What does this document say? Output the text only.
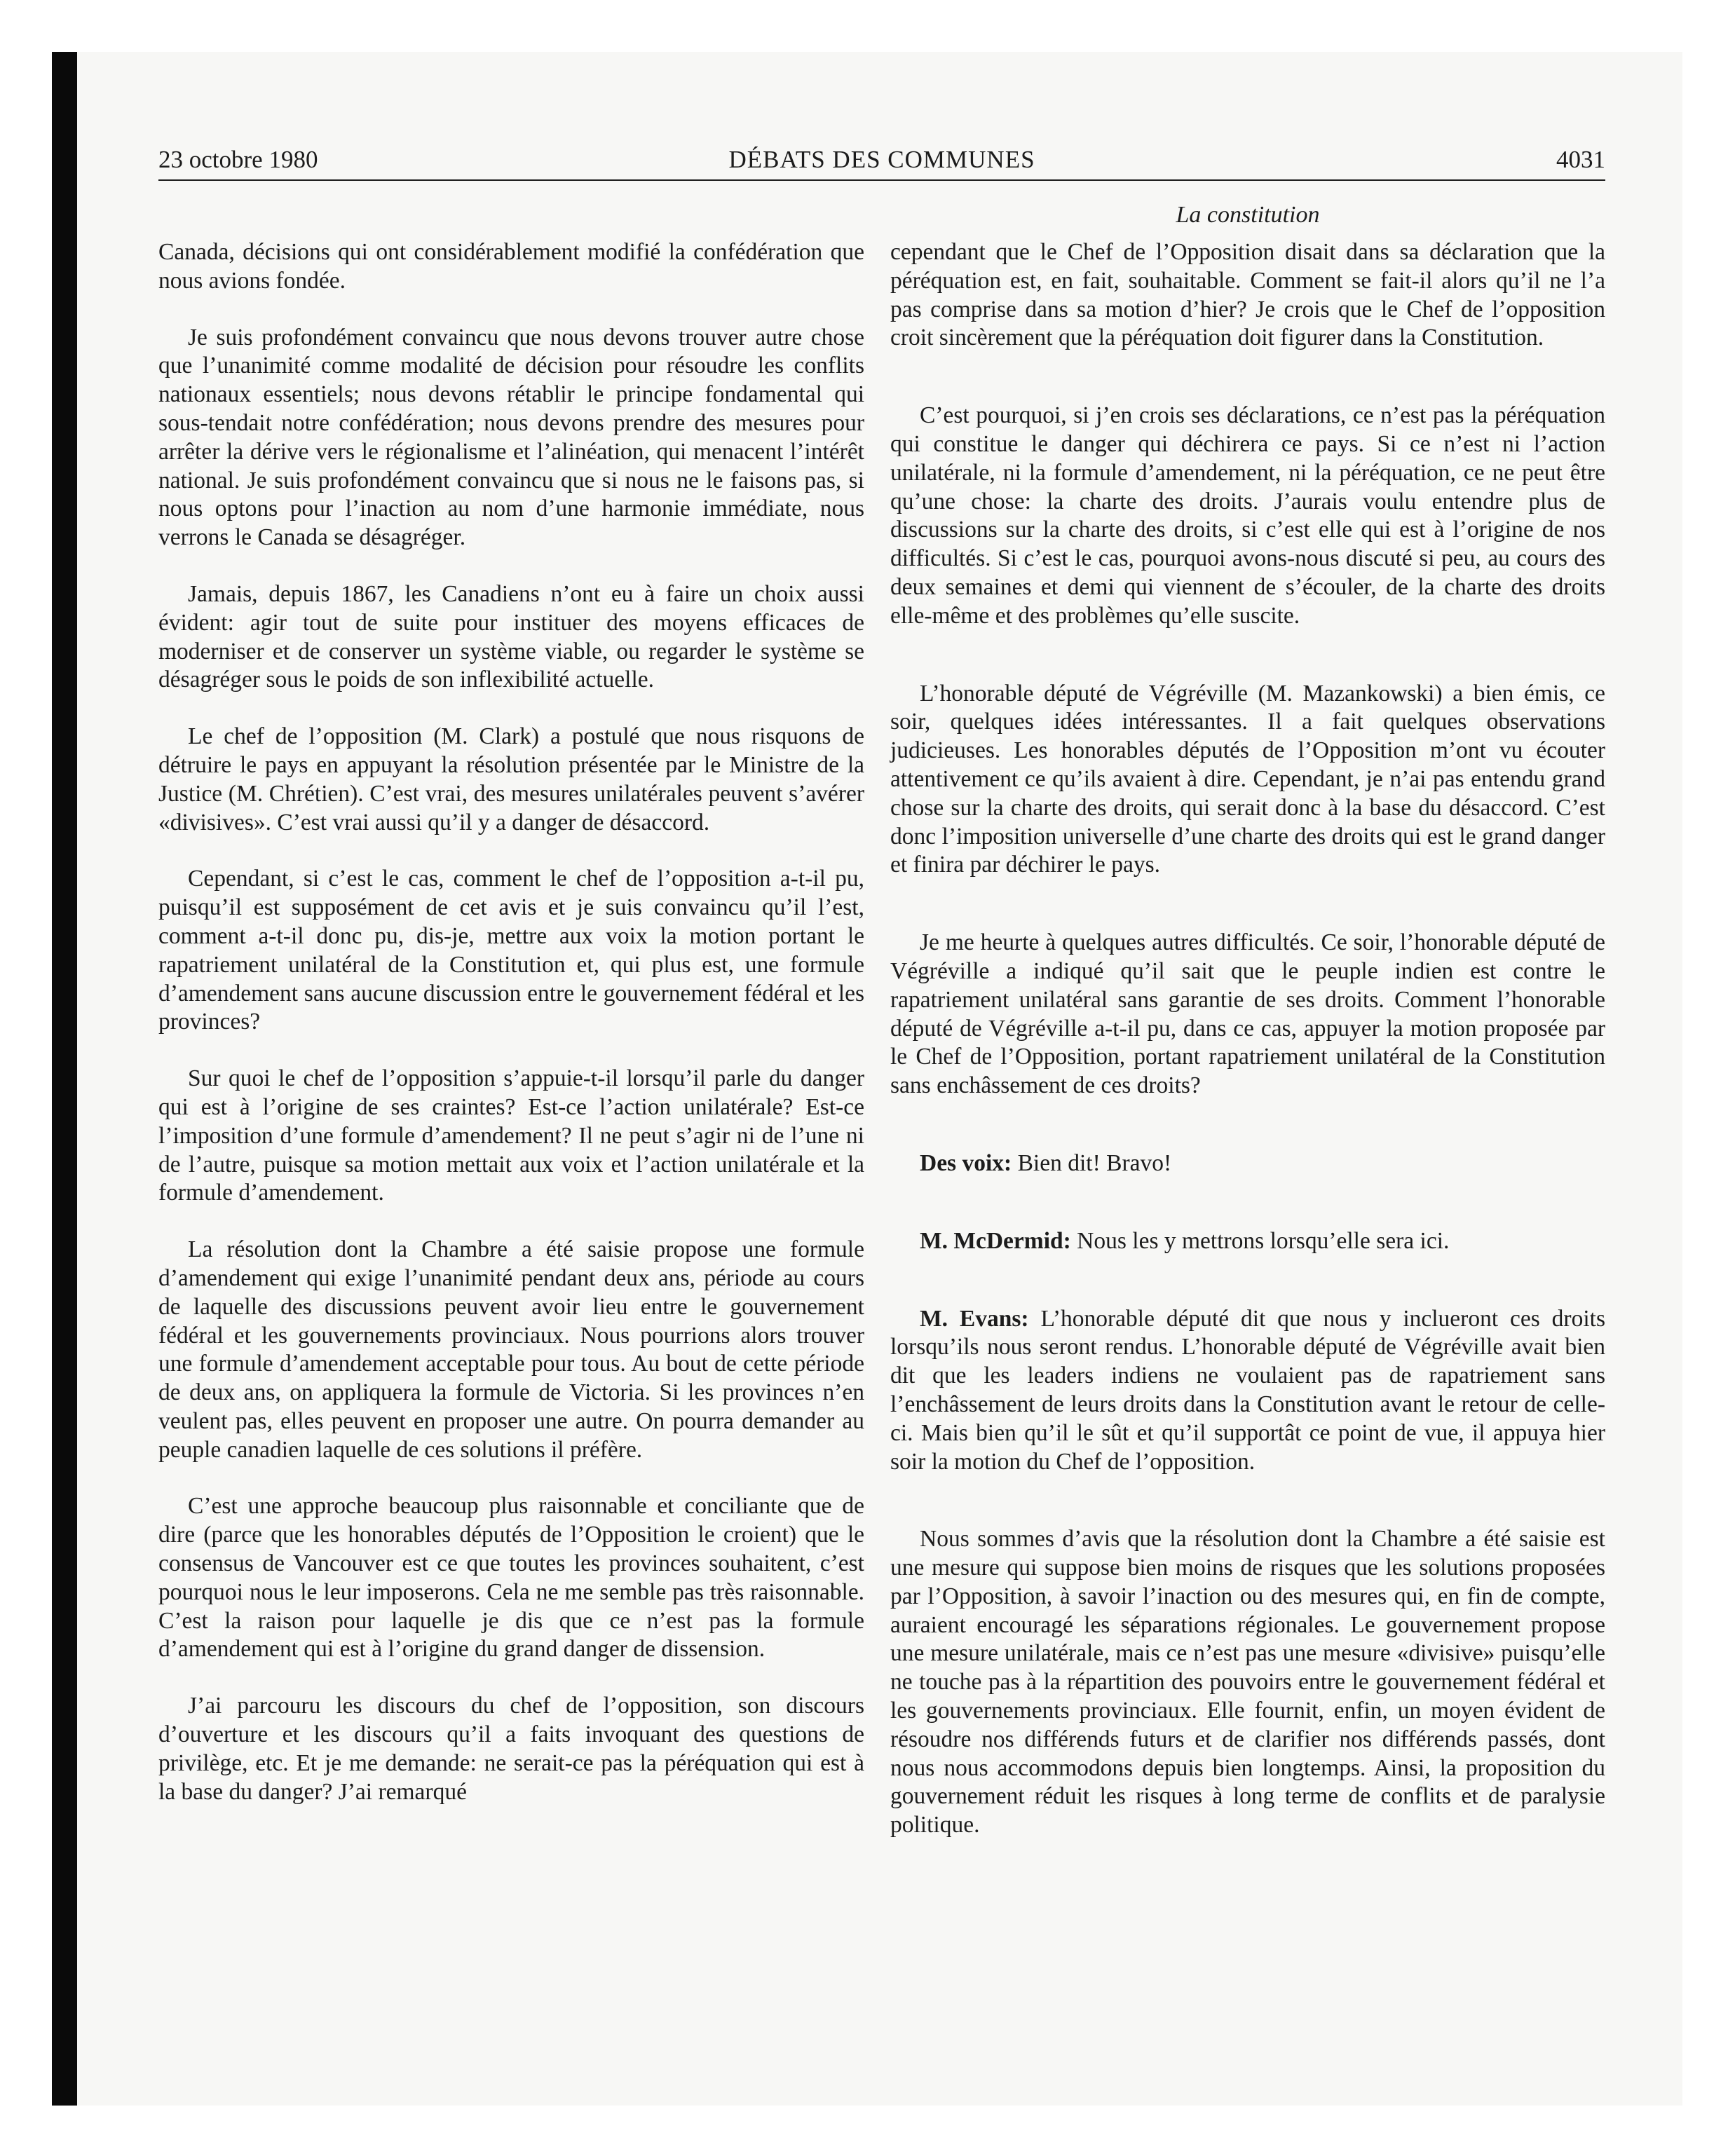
23 octobre 1980	DÉBATS DES COMMUNES	4031
La constitution

Canada, décisions qui ont considérablement modifié la confédération que nous avions fondée.

Je suis profondément convaincu que nous devons trouver autre chose que l’unanimité comme modalité de décision pour résoudre les conflits nationaux essentiels; nous devons rétablir le principe fondamental qui sous-tendait notre confédération; nous devons prendre des mesures pour arrêter la dérive vers le régionalisme et l’alinéation, qui menacent l’intérêt national. Je suis profondément convaincu que si nous ne le faisons pas, si nous optons pour l’inaction au nom d’une harmonie immédiate, nous verrons le Canada se désagréger.

Jamais, depuis 1867, les Canadiens n’ont eu à faire un choix aussi évident: agir tout de suite pour instituer des moyens efficaces de moderniser et de conserver un système viable, ou regarder le système se désagréger sous le poids de son inflexibilité actuelle.

Le chef de l’opposition (M. Clark) a postulé que nous risquons de détruire le pays en appuyant la résolution présentée par le Ministre de la Justice (M. Chrétien). C’est vrai, des mesures unilatérales peuvent s’avérer «divisives». C’est vrai aussi qu’il y a danger de désaccord.

Cependant, si c’est le cas, comment le chef de l’opposition a-t-il pu, puisqu’il est supposément de cet avis et je suis convaincu qu’il l’est, comment a-t-il donc pu, dis-je, mettre aux voix la motion portant le rapatriement unilatéral de la Constitution et, qui plus est, une formule d’amendement sans aucune discussion entre le gouvernement fédéral et les provinces?

Sur quoi le chef de l’opposition s’appuie-t-il lorsqu’il parle du danger qui est à l’origine de ses craintes? Est-ce l’action unilatérale? Est-ce l’imposition d’une formule d’amendement? Il ne peut s’agir ni de l’une ni de l’autre, puisque sa motion mettait aux voix et l’action unilatérale et la formule d’amendement.

La résolution dont la Chambre a été saisie propose une formule d’amendement qui exige l’unanimité pendant deux ans, période au cours de laquelle des discussions peuvent avoir lieu entre le gouvernement fédéral et les gouvernements provinciaux. Nous pourrions alors trouver une formule d’amendement acceptable pour tous. Au bout de cette période de deux ans, on appliquera la formule de Victoria. Si les provinces n’en veulent pas, elles peuvent en proposer une autre. On pourra demander au peuple canadien laquelle de ces solutions il préfère.

C’est une approche beaucoup plus raisonnable et conciliante que de dire (parce que les honorables députés de l’Opposition le croient) que le consensus de Vancouver est ce que toutes les provinces souhaitent, c’est pourquoi nous le leur imposerons. Cela ne me semble pas très raisonnable. C’est la raison pour laquelle je dis que ce n’est pas la formule d’amendement qui est à l’origine du grand danger de dissension.

J’ai parcouru les discours du chef de l’opposition, son discours d’ouverture et les discours qu’il a faits invoquant des questions de privilège, etc. Et je me demande: ne serait-ce pas la péréquation qui est à la base du danger? J’ai remarqué

cependant que le Chef de l’Opposition disait dans sa déclaration que la péréquation est, en fait, souhaitable. Comment se fait-il alors qu’il ne l’a pas comprise dans sa motion d’hier? Je crois que le Chef de l’opposition croit sincèrement que la péréquation doit figurer dans la Constitution.

C’est pourquoi, si j’en crois ses déclarations, ce n’est pas la péréquation qui constitue le danger qui déchirera ce pays. Si ce n’est ni l’action unilatérale, ni la formule d’amendement, ni la péréquation, ce ne peut être qu’une chose: la charte des droits. J’aurais voulu entendre plus de discussions sur la charte des droits, si c’est elle qui est à l’origine de nos difficultés. Si c’est le cas, pourquoi avons-nous discuté si peu, au cours des deux semaines et demi qui viennent de s’écouler, de la charte des droits elle-même et des problèmes qu’elle suscite.

L’honorable député de Végréville (M. Mazankowski) a bien émis, ce soir, quelques idées intéressantes. Il a fait quelques observations judicieuses. Les honorables députés de l’Opposition m’ont vu écouter attentivement ce qu’ils avaient à dire. Cependant, je n’ai pas entendu grand chose sur la charte des droits, qui serait donc à la base du désaccord. C’est donc l’imposition universelle d’une charte des droits qui est le grand danger et finira par déchirer le pays.

Je me heurte à quelques autres difficultés. Ce soir, l’honorable député de Végréville a indiqué qu’il sait que le peuple indien est contre le rapatriement unilatéral sans garantie de ses droits. Comment l’honorable député de Végréville a-t-il pu, dans ce cas, appuyer la motion proposée par le Chef de l’Opposition, portant rapatriement unilatéral de la Constitution sans enchâssement de ces droits?

Des voix: Bien dit! Bravo!

M. McDermid: Nous les y mettrons lorsqu’elle sera ici.

M. Evans: L’honorable député dit que nous y inclueront ces droits lorsqu’ils nous seront rendus. L’honorable député de Végréville avait bien dit que les leaders indiens ne voulaient pas de rapatriement sans l’enchâssement de leurs droits dans la Constitution avant le retour de celle-ci. Mais bien qu’il le sût et qu’il supportât ce point de vue, il appuya hier soir la motion du Chef de l’opposition.

Nous sommes d’avis que la résolution dont la Chambre a été saisie est une mesure qui suppose bien moins de risques que les solutions proposées par l’Opposition, à savoir l’inaction ou des mesures qui, en fin de compte, auraient encouragé les séparations régionales. Le gouvernement propose une mesure unilatérale, mais ce n’est pas une mesure «divisive» puisqu’elle ne touche pas à la répartition des pouvoirs entre le gouvernement fédéral et les gouvernements provinciaux. Elle fournit, enfin, un moyen évident de résoudre nos différends futurs et de clarifier nos différends passés, dont nous nous accommodons depuis bien longtemps. Ainsi, la proposition du gouvernement réduit les risques à long terme de conflits et de paralysie politique.
